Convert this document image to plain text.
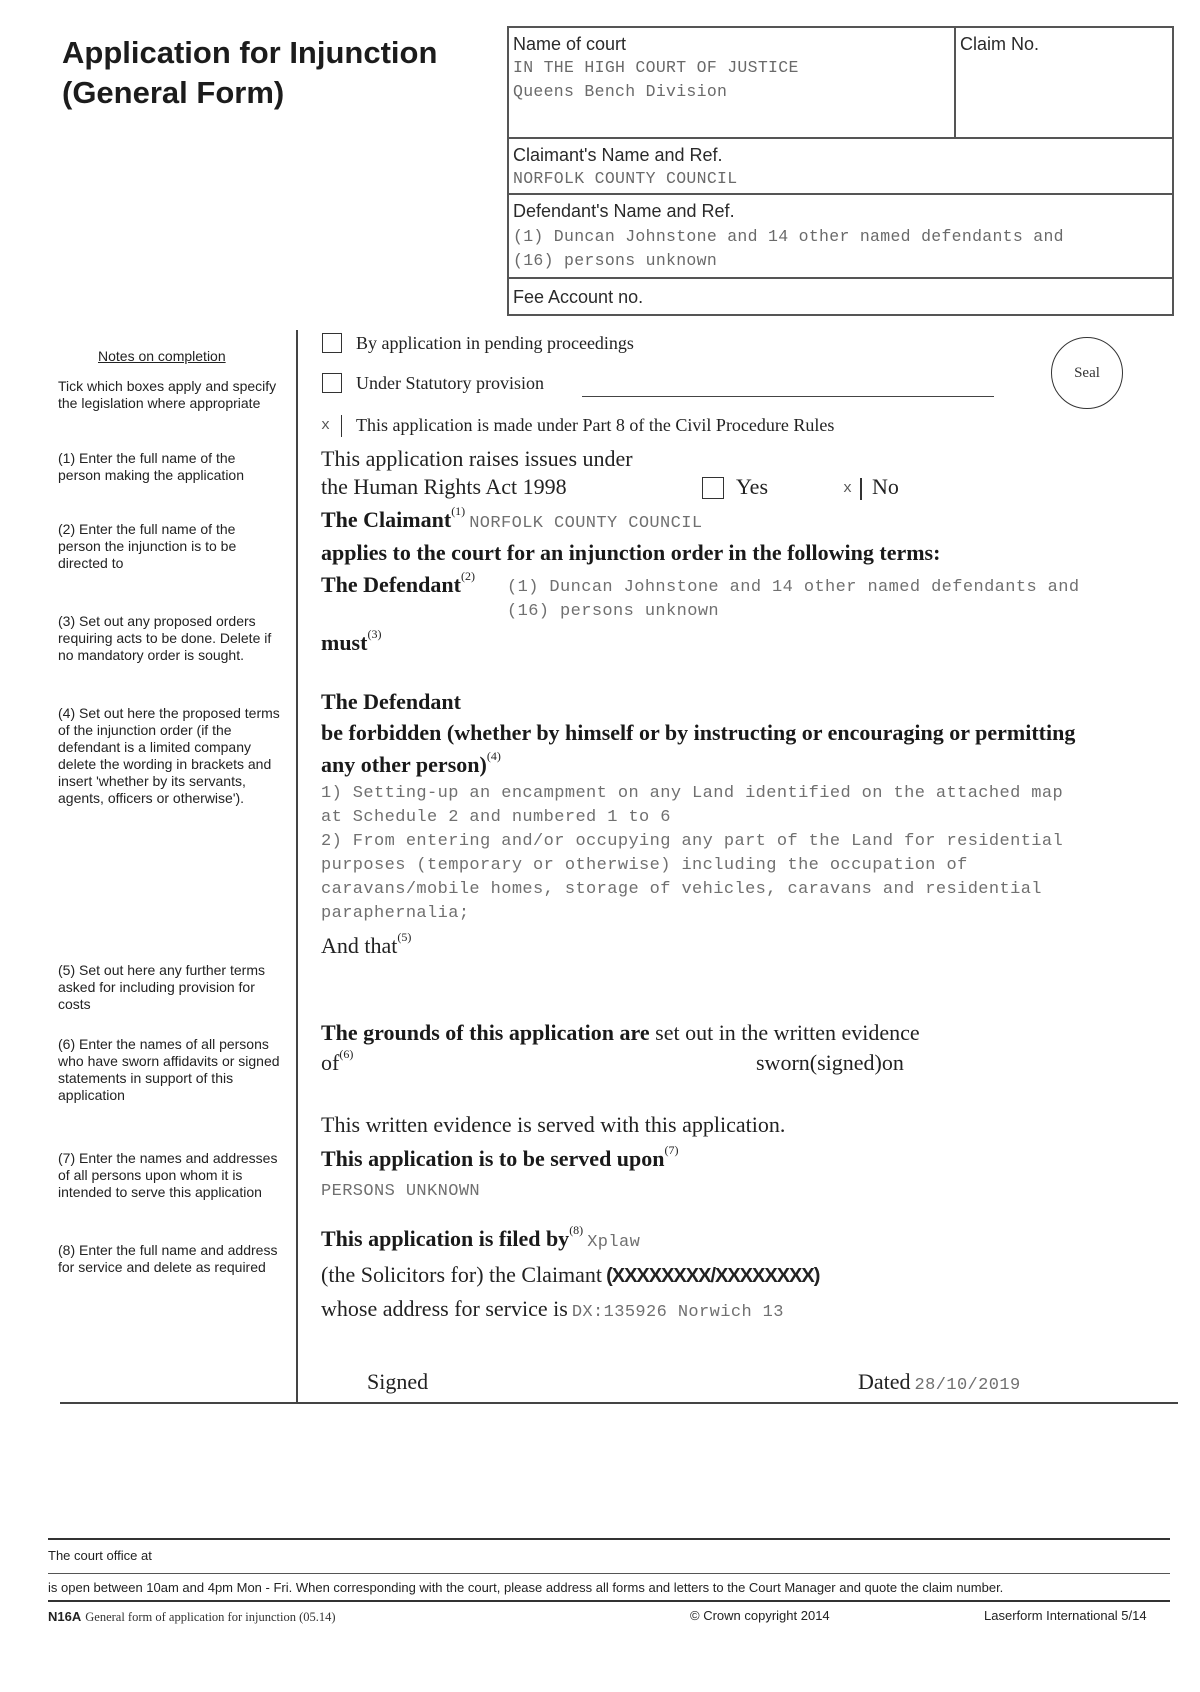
Application for Injunction
(General Form)
Name of court
IN THE HIGH COURT OF JUSTICE
Queens Bench Division
Claim No.
Claimant's Name and Ref.
NORFOLK COUNTY COUNCIL
Defendant's Name and Ref.
(1) Duncan Johnstone and 14 other named defendants and
(16) persons unknown
Fee Account no.
Notes on completion
Tick which boxes apply and specify the legislation where appropriate
(1) Enter the full name of the person making the application
(2) Enter the full name of the person the injunction is to be directed to
(3) Set out any proposed orders requiring acts to be done. Delete if no mandatory order is sought.
(4) Set out here the proposed terms of the injunction order (if the defendant is a limited company delete the wording in brackets and insert 'whether by its servants, agents, officers or otherwise').
(5) Set out here any further terms asked for including provision for costs
(6) Enter the names of all persons who have sworn affidavits or signed statements in support of this application
(7) Enter the names and addresses of all persons upon whom it is intended to serve this application
(8) Enter the full name and address for service and delete as required
By application in pending proceedings
Under Statutory provision
x	This application is made under Part 8 of the Civil Procedure Rules
Seal
This application raises issues under
the Human Rights Act 1998	Yes	x No
The Claimant$^{(1)}$ NORFOLK COUNTY COUNCIL
applies to the court for an injunction order in the following terms:
The Defendant$^{(2)}$
(1) Duncan Johnstone and 14 other named defendants and
(16) persons unknown
must$^{(3)}$
The Defendant
be forbidden (whether by himself or by instructing or encouraging or permitting
any other person)$^{(4)}$
1) Setting-up an encampment on any Land identified on the attached map
at Schedule 2 and numbered 1 to 6
2) From entering and/or occupying any part of the Land for residential
purposes (temporary or otherwise) including the occupation of
caravans/mobile homes, storage of vehicles, caravans and residential
paraphernalia;
And that$^{(5)}$
The grounds of this application are set out in the written evidence
$of^{(6)}$	sworn(signed)on
This written evidence is served with this application.
This application is to be served upon$^{(7)}$
PERSONS UNKNOWN
This application is filed $by^{(8)}$ Xplaw
(the Solicitors for) the Claimant (XXXXXXXX/XXXXXXXX)
whose address for service is DX:135926 Norwich 13
Signed	Dated 28/10/2019
The court office at
is open between 10am and 4pm Mon - Fri. When corresponding with the court, please address all forms and letters to the Court Manager and quote the claim number.
N16A General form of application for injunction (05.14)	© Crown copyright 2014	Laserform International 5/14
